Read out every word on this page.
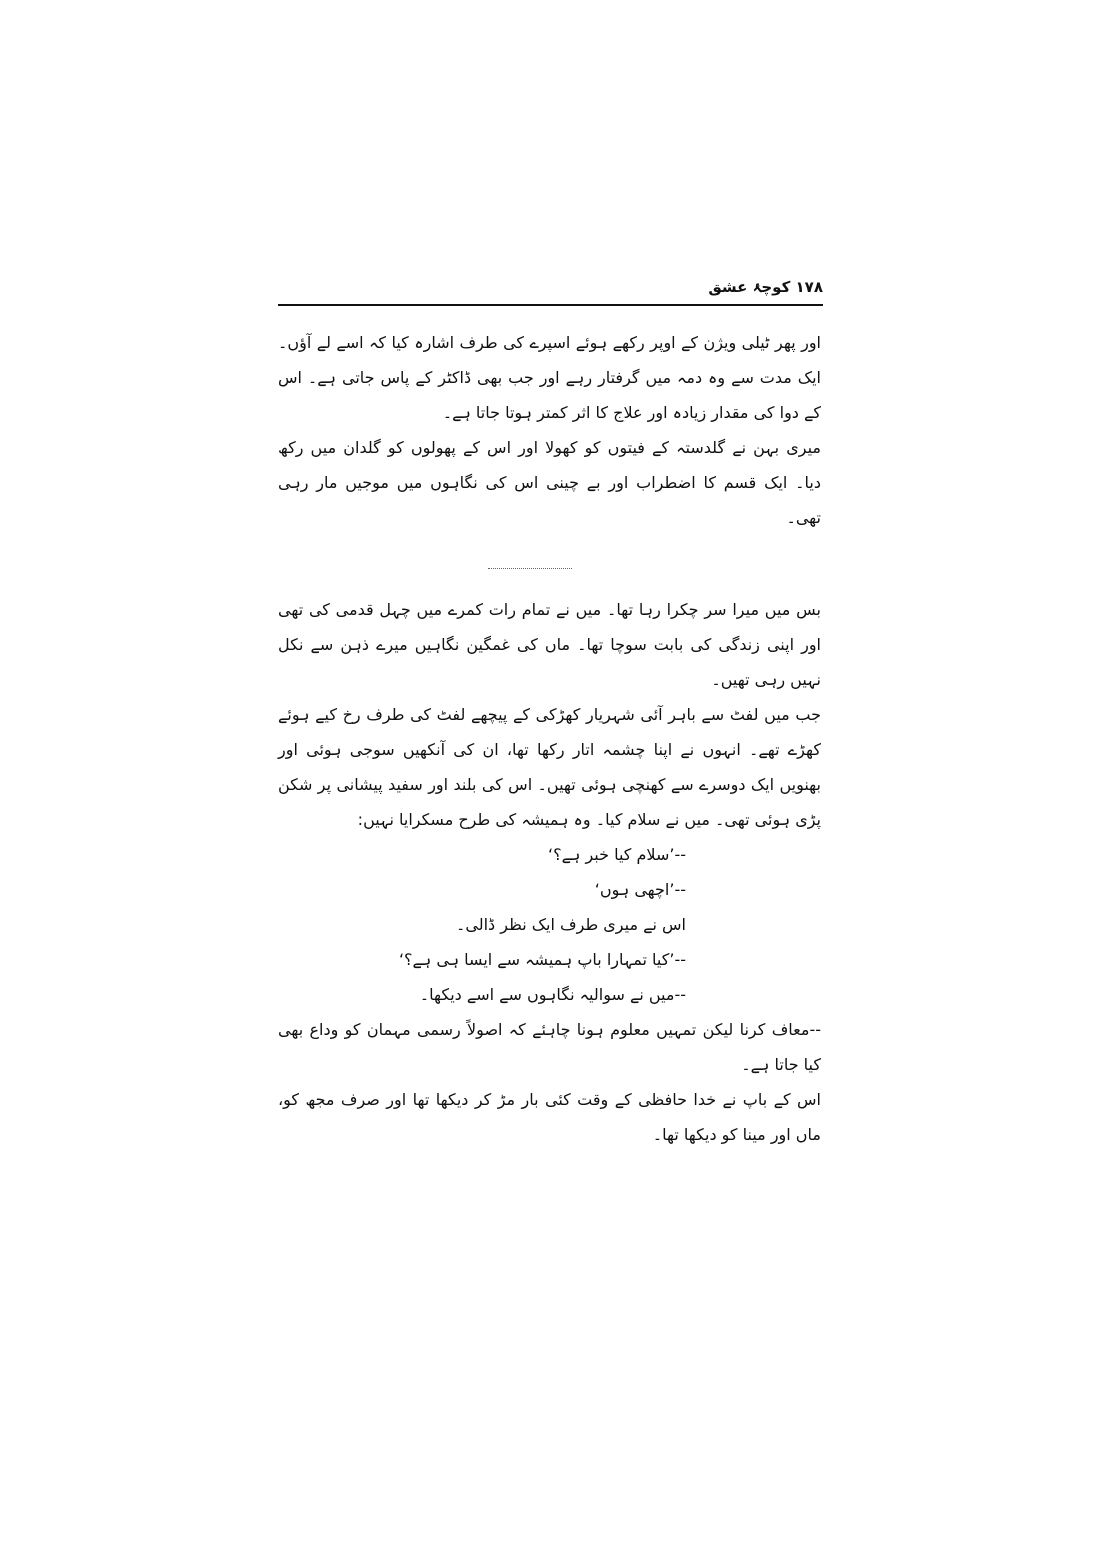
۱۷۸ کوچۂ عشق

اور پھر ٹیلی ویژن کے اوپر رکھے ہوئے اسپرے کی طرف اشارہ کیا کہ اسے لے آؤں۔ ایک مدت سے وہ دمہ میں گرفتار رہے اور جب بھی ڈاکٹر کے پاس جاتی ہے۔ اس کے دوا کی مقدار زیادہ اور علاج کا اثر کمتر ہوتا جاتا ہے۔

میری بہن نے گلدستہ کے فیتوں کو کھولا اور اس کے پھولوں کو گلدان میں رکھ دیا۔ ایک قسم کا اضطراب اور بے چینی اس کی نگاہوں میں موجیں مار رہی تھی۔

بس میں میرا سر چکرا رہا تھا۔ میں نے تمام رات کمرے میں چہل قدمی کی تھی اور اپنی زندگی کی بابت سوچا تھا۔ ماں کی غمگین نگاہیں میرے ذہن سے نکل نہیں رہی تھیں۔

جب میں لفٹ سے باہر آئی شہریار کھڑکی کے پیچھے لفٹ کی طرف رخ کیے ہوئے کھڑے تھے۔ انہوں نے اپنا چشمہ اتار رکھا تھا، ان کی آنکھیں سوجی ہوئی اور بھنویں ایک دوسرے سے کھنچی ہوئی تھیں۔ اس کی بلند اور سفید پیشانی پر شکن پڑی ہوئی تھی۔ میں نے سلام کیا۔ وہ ہمیشہ کی طرح مسکرایا نہیں:

--’سلام کیا خبر ہے؟‘

--’اچھی ہوں‘

اس نے میری طرف ایک نظر ڈالی۔

--’کیا تمہارا باپ ہمیشہ سے ایسا ہی ہے؟‘

--میں نے سوالیہ نگاہوں سے اسے دیکھا۔

--معاف کرنا لیکن تمہیں معلوم ہونا چاہئے کہ اصولاً رسمی مہمان کو وداع بھی کیا جاتا ہے۔

اس کے باپ نے خدا حافظی کے وقت کئی بار مڑ کر دیکھا تھا اور صرف مجھ کو، ماں اور مینا کو دیکھا تھا۔
